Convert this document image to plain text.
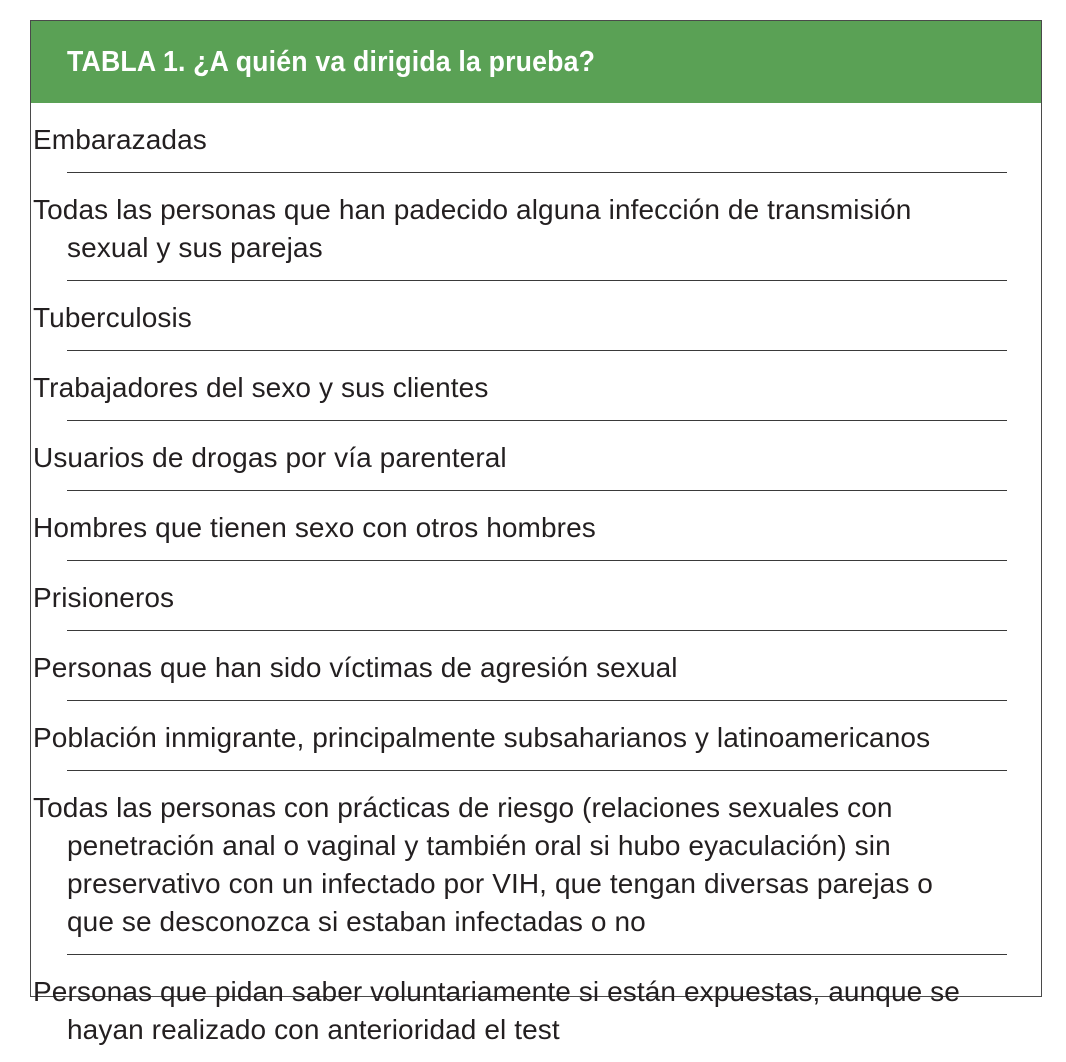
TABLA 1. ¿A quién va dirigida la prueba?
Embarazadas
Todas las personas que han padecido alguna infección de transmisión sexual y sus parejas
Tuberculosis
Trabajadores del sexo y sus clientes
Usuarios de drogas por vía parenteral
Hombres que tienen sexo con otros hombres
Prisioneros
Personas que han sido víctimas de agresión sexual
Población inmigrante, principalmente subsaharianos y latinoamericanos
Todas las personas con prácticas de riesgo (relaciones sexuales con penetración anal o vaginal y también oral si hubo eyaculación) sin preservativo con un infectado por VIH, que tengan diversas parejas o que se desconozca si estaban infectadas o no
Personas que pidan saber voluntariamente si están expuestas, aunque se hayan realizado con anterioridad el test
